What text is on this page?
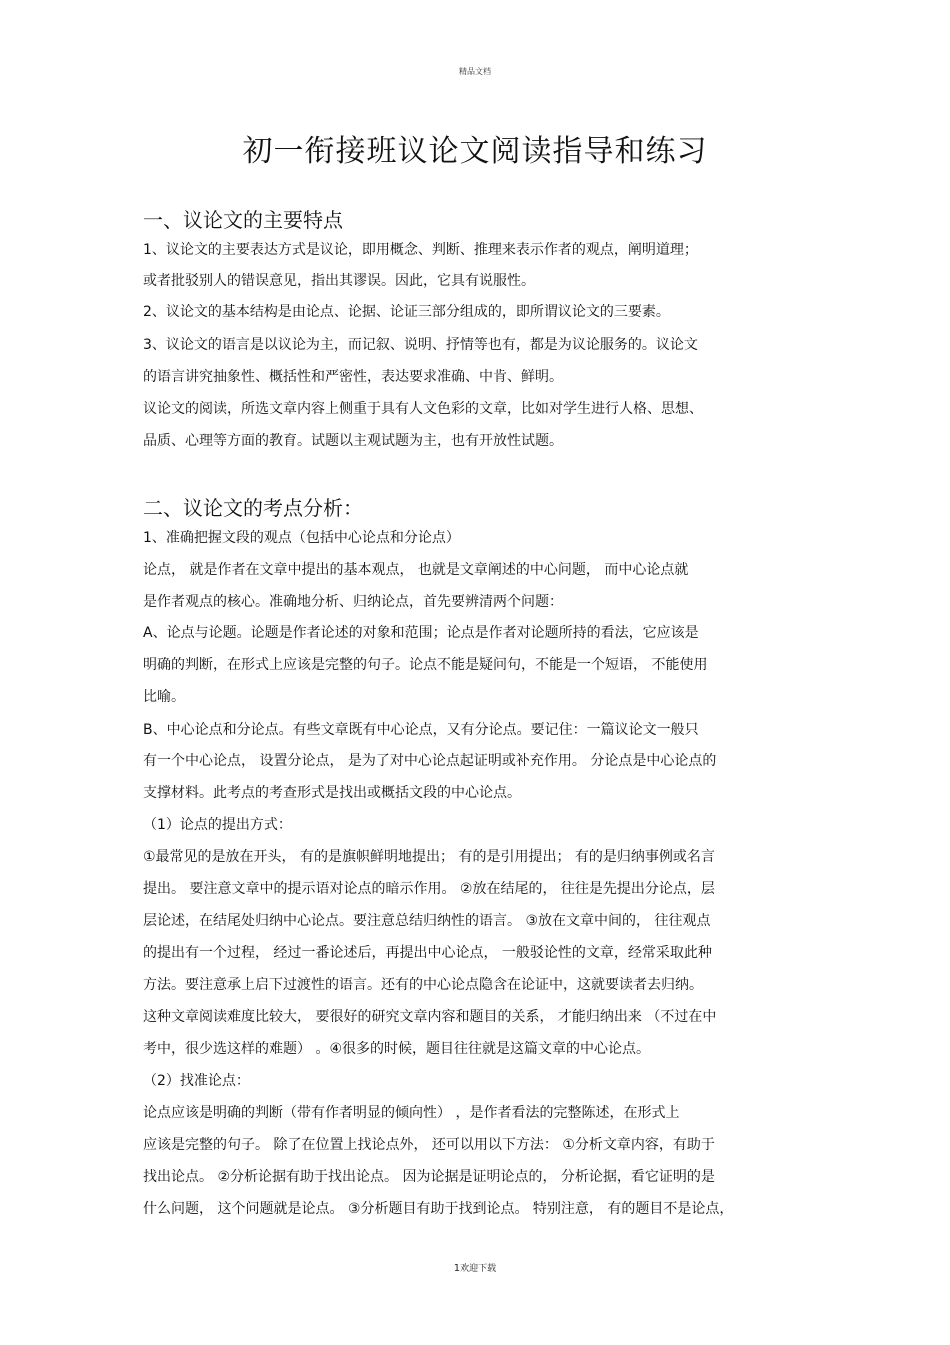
精品文档
初一衔接班议论文阅读指导和练习
一、议论文的主要特点
1、议论文的主要表达方式是议论，即用概念、判断、推理来表示作者的观点，阐明道理；
或者批驳别人的错误意见，指出其谬误。因此，它具有说服性。
2、议论文的基本结构是由论点、论据、论证三部分组成的，即所谓议论文的三要素。
3、议论文的语言是以议论为主，而记叙、说明、抒情等也有，都是为议论服务的。议论文
的语言讲究抽象性、概括性和严密性，表达要求准确、中肯、鲜明。
议论文的阅读，所选文章内容上侧重于具有人文色彩的文章，比如对学生进行人格、思想、
品质、心理等方面的教育。试题以主观试题为主，也有开放性试题。
二、议论文的考点分析：
1、准确把握文段的观点（包括中心论点和分论点）
论点， 就是作者在文章中提出的基本观点， 也就是文章阐述的中心问题， 而中心论点就
是作者观点的核心。准确地分析、归纳论点，首先要辨清两个问题：
A、论点与论题。论题是作者论述的对象和范围；论点是作者对论题所持的看法，它应该是
明确的判断，在形式上应该是完整的句子。论点不能是疑问句，不能是一个短语， 不能使用
比喻。
B、中心论点和分论点。有些文章既有中心论点，又有分论点。要记住：一篇议论文一般只
有一个中心论点， 设置分论点， 是为了对中心论点起证明或补充作用。 分论点是中心论点的
支撑材料。此考点的考查形式是找出或概括文段的中心论点。
（1）论点的提出方式：
①最常见的是放在开头， 有的是旗帜鲜明地提出； 有的是引用提出； 有的是归纳事例或名言
提出。 要注意文章中的提示语对论点的暗示作用。 ②放在结尾的， 往往是先提出分论点，层
层论述，在结尾处归纳中心论点。要注意总结归纳性的语言。 ③放在文章中间的， 往往观点
的提出有一个过程， 经过一番论述后，再提出中心论点， 一般驳论性的文章，经常采取此种
方法。要注意承上启下过渡性的语言。还有的中心论点隐含在论证中，这就要读者去归纳。
这种文章阅读难度比较大， 要很好的研究文章内容和题目的关系， 才能归纳出来 （不过在中
考中，很少选这样的难题） 。④很多的时候，题目往往就是这篇文章的中心论点。
（2）找准论点：
论点应该是明确的判断（带有作者明显的倾向性） ，是作者看法的完整陈述，在形式上
应该是完整的句子。 除了在位置上找论点外， 还可以用以下方法： ①分析文章内容，有助于
找出论点。 ②分析论据有助于找出论点。 因为论据是证明论点的， 分析论据，看它证明的是
什么问题， 这个问题就是论点。 ③分析题目有助于找到论点。 特别注意， 有的题目不是论点，
1欢迎下载
